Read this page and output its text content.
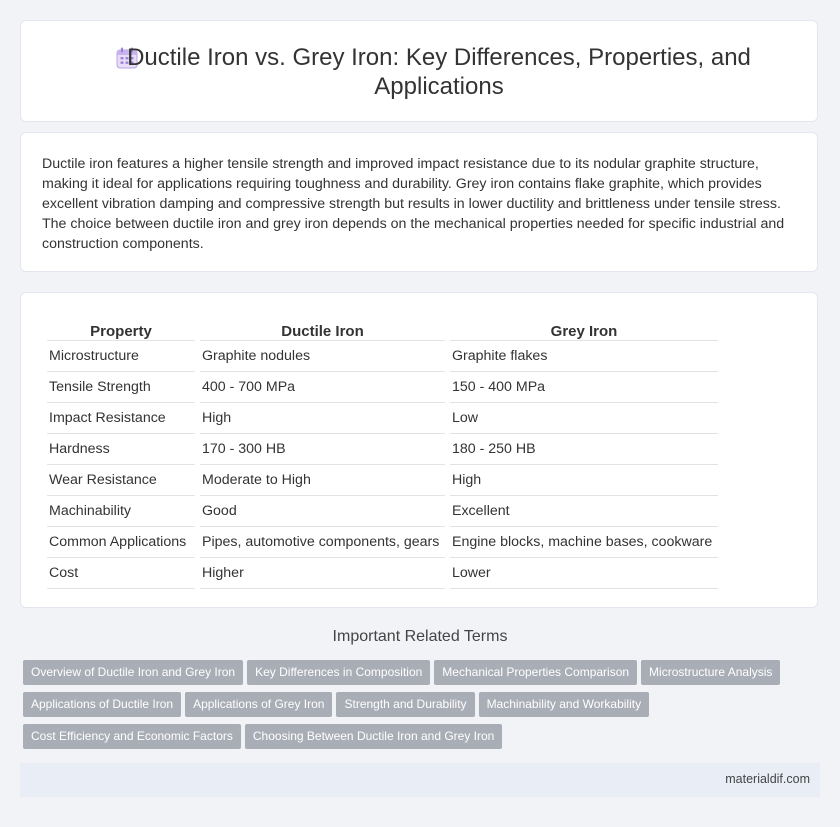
Ductile Iron vs. Grey Iron: Key Differences, Properties, and Applications

Ductile iron features a higher tensile strength and improved impact resistance due to its nodular graphite structure, making it ideal for applications requiring toughness and durability. Grey iron contains flake graphite, which provides excellent vibration damping and compressive strength but results in lower ductility and brittleness under tensile stress. The choice between ductile iron and grey iron depends on the mechanical properties needed for specific industrial and construction components.

Property	Ductile Iron	Grey Iron
Microstructure	Graphite nodules	Graphite flakes
Tensile Strength	400 - 700 MPa	150 - 400 MPa
Impact Resistance	High	Low
Hardness	170 - 300 HB	180 - 250 HB
Wear Resistance	Moderate to High	High
Machinability	Good	Excellent
Common Applications	Pipes, automotive components, gears	Engine blocks, machine bases, cookware
Cost	Higher	Lower
Important Related Terms
Overview of Ductile Iron and Grey Iron Key Differences in Composition Mechanical Properties Comparison Microstructure Analysis
Applications of Ductile Iron Applications of Grey Iron Strength and Durability Machinability and Workability
Cost Efficiency and Economic Factors Choosing Between Ductile Iron and Grey Iron
materialdif.com
